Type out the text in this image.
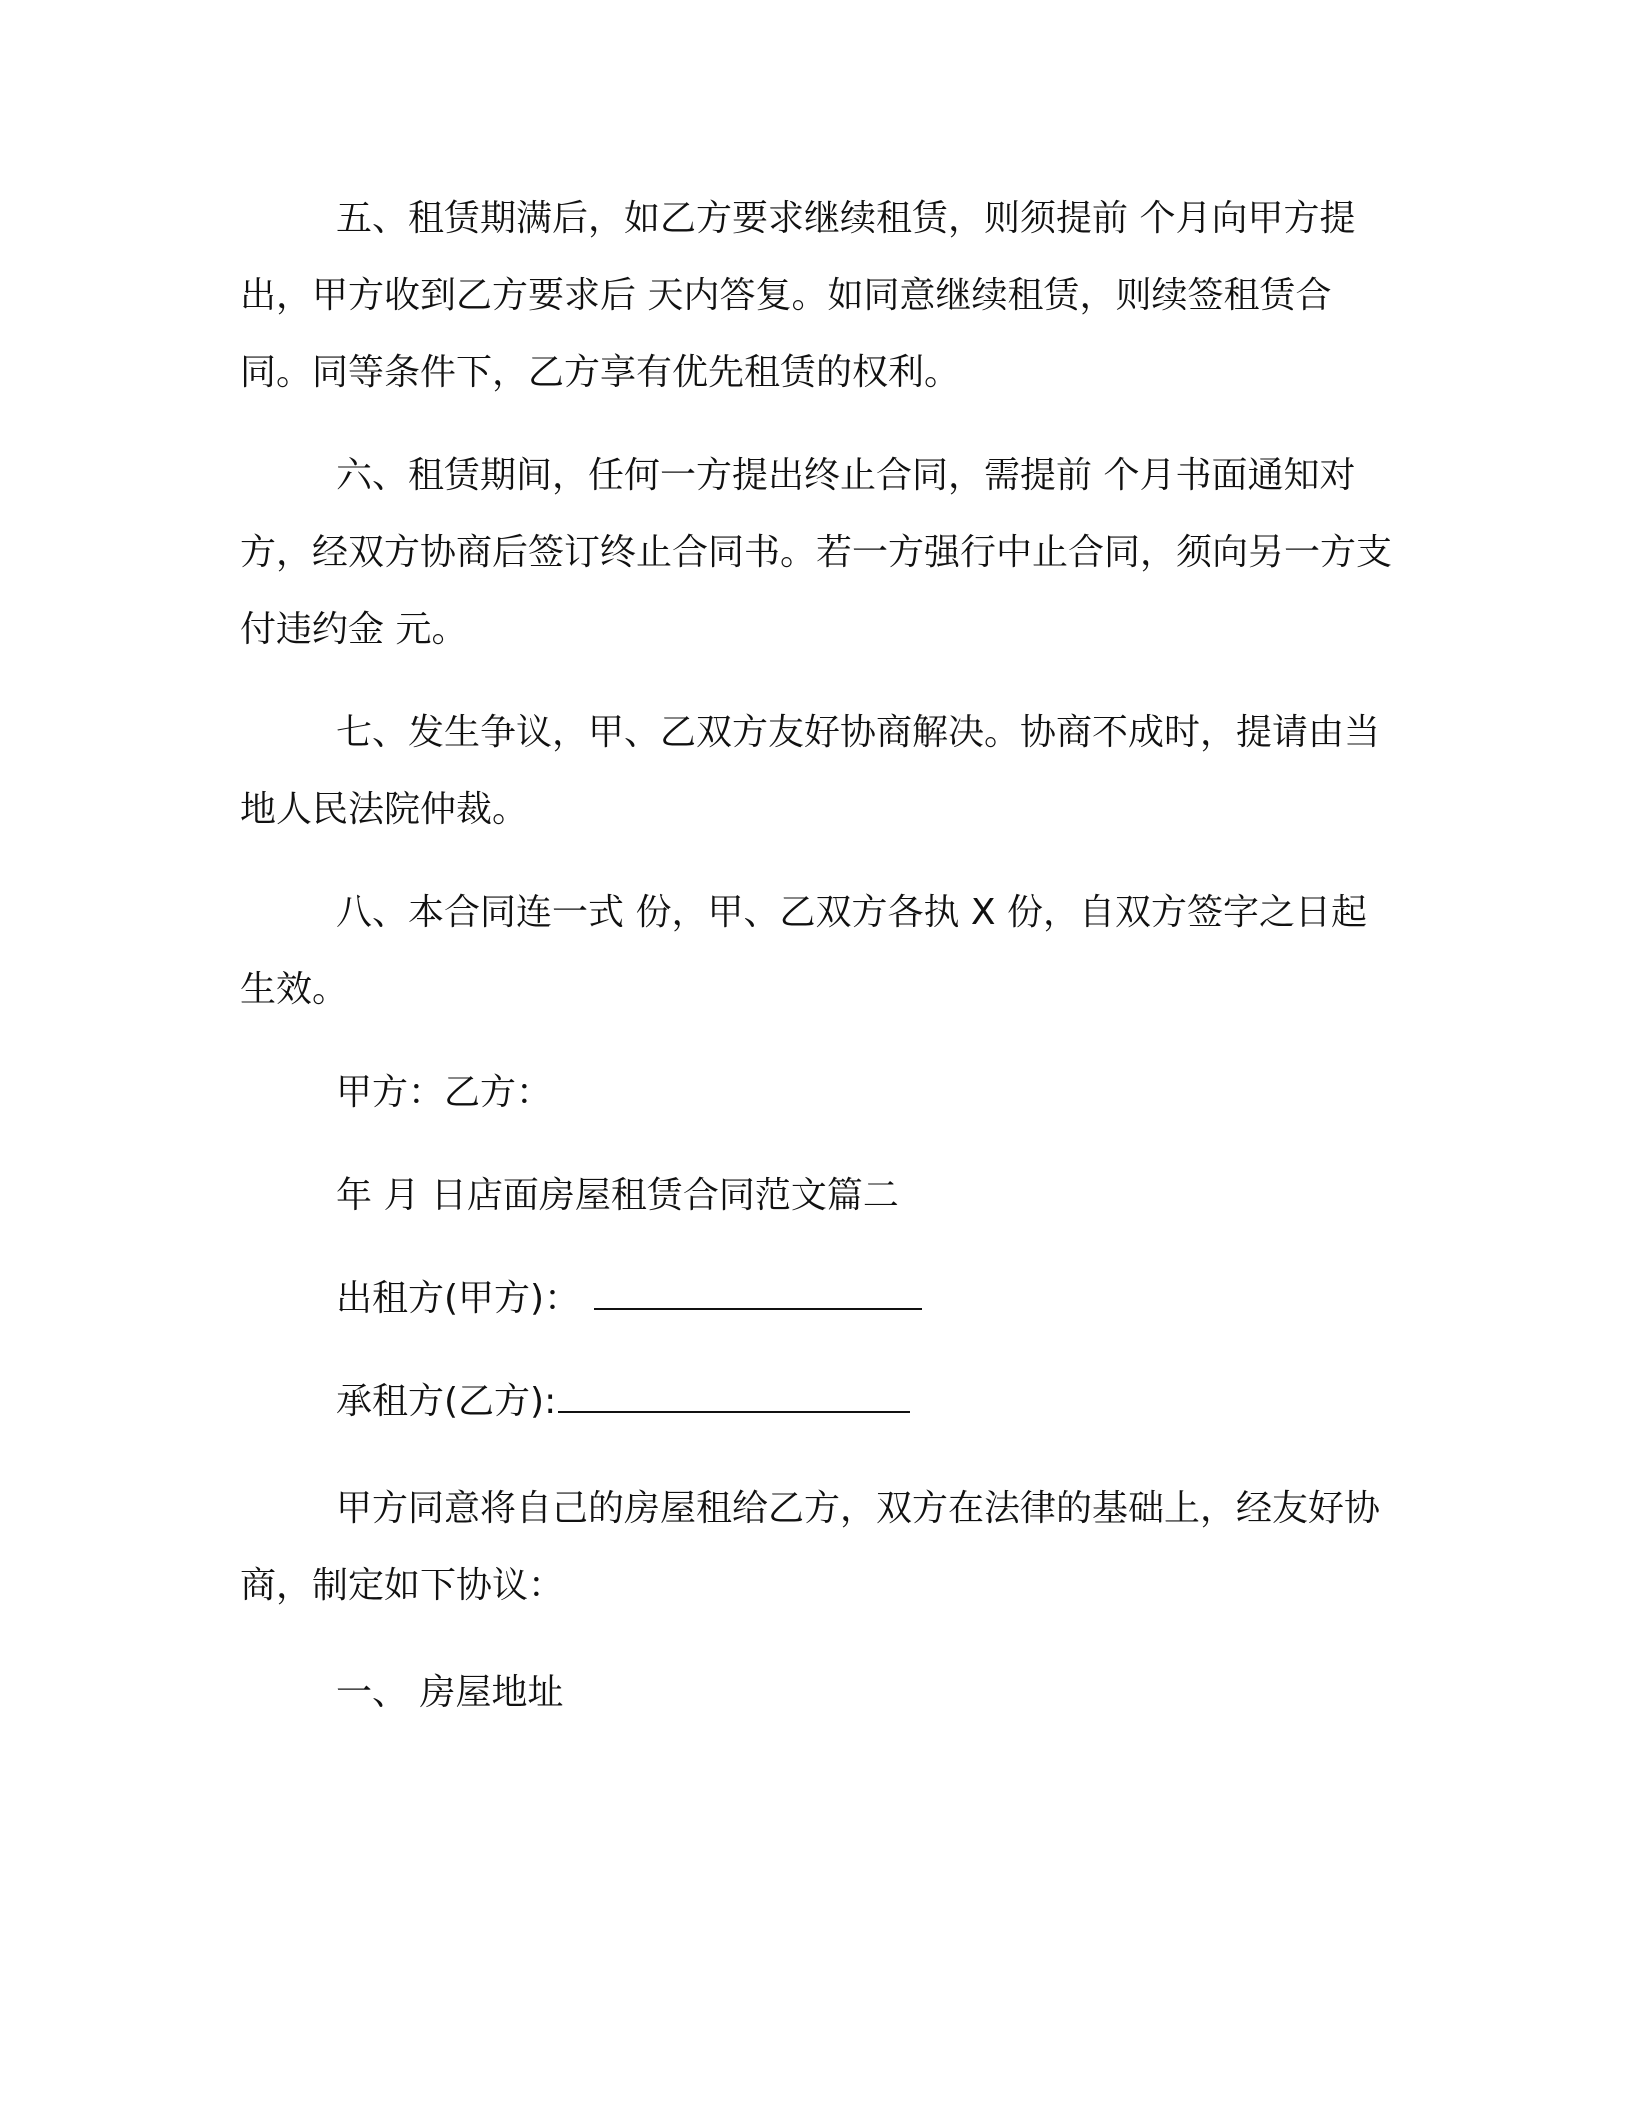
五、租赁期满后，如乙方要求继续租赁，则须提前 个月向甲方提出，甲方收到乙方要求后 天内答复。如同意继续租赁，则续签租赁合同。同等条件下，乙方享有优先租赁的权利。

六、租赁期间，任何一方提出终止合同，需提前 个月书面通知对方，经双方协商后签订终止合同书。若一方强行中止合同，须向另一方支付违约金 元。

七、发生争议，甲、乙双方友好协商解决。协商不成时，提请由当地人民法院仲裁。

八、本合同连一式 份，甲、乙双方各执 X 份，自双方签字之日起生效。

甲方：乙方：

年 月 日店面房屋租赁合同范文篇二

出租方(甲方)：

承租方(乙方):

甲方同意将自己的房屋租给乙方，双方在法律的基础上，经友好协商，制定如下协议：

一、 房屋地址
